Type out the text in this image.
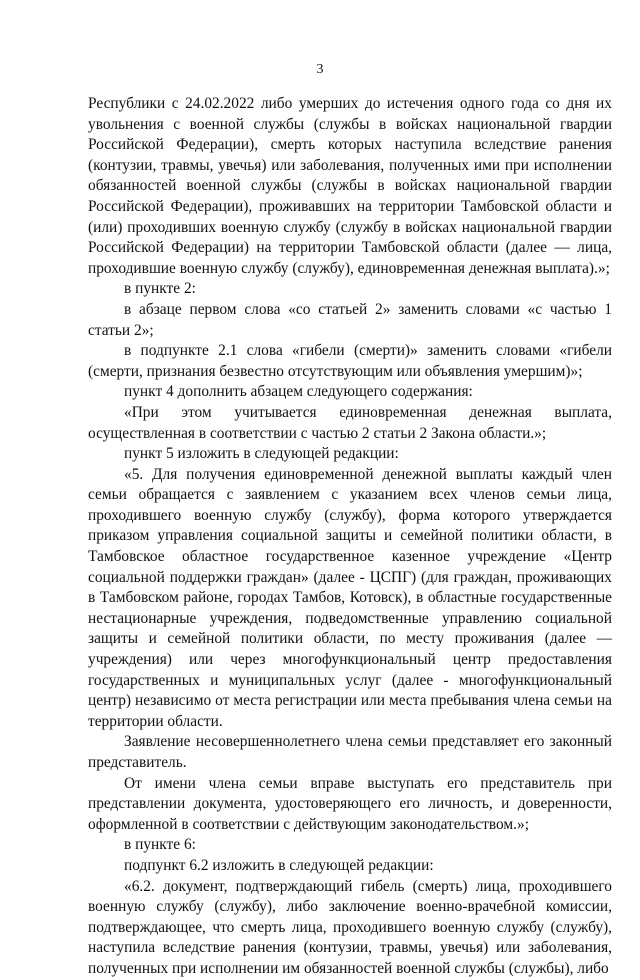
3

Республики с 24.02.2022 либо умерших до истечения одного года со дня их увольнения с военной службы (службы в войсках национальной гвардии Российской Федерации), смерть которых наступила вследствие ранения (контузии, травмы, увечья) или заболевания, полученных ими при исполнении обязанностей военной службы (службы в войсках национальной гвардии Российской Федерации), проживавших на территории Тамбовской области и (или) проходивших военную службу (службу в войсках национальной гвардии Российской Федерации) на территории Тамбовской области (далее — лица, проходившие военную службу (службу), единовременная денежная выплата).»;

в пункте 2:

в абзаце первом слова «со статьей 2» заменить словами «с частью 1 статьи 2»;

в подпункте 2.1 слова «гибели (смерти)» заменить словами «гибели (смерти, признания безвестно отсутствующим или объявления умершим)»;

пункт 4 дополнить абзацем следующего содержания:

«При этом учитывается единовременная денежная выплата, осуществленная в соответствии с частью 2 статьи 2 Закона области.»;

пункт 5 изложить в следующей редакции:

«5. Для получения единовременной денежной выплаты каждый член семьи обращается с заявлением с указанием всех членов семьи лица, проходившего военную службу (службу), форма которого утверждается приказом управления социальной защиты и семейной политики области, в Тамбовское областное государственное казенное учреждение «Центр социальной поддержки граждан» (далее - ЦСПГ) (для граждан, проживающих в Тамбовском районе, городах Тамбов, Котовск), в областные государственные нестационарные учреждения, подведомственные управлению социальной защиты и семейной политики области, по месту проживания (далее — учреждения) или через многофункциональный центр предоставления государственных и муниципальных услуг (далее - многофункциональный центр) независимо от места регистрации или места пребывания члена семьи на территории области.

Заявление несовершеннолетнего члена семьи представляет его законный представитель.

От имени члена семьи вправе выступать его представитель при представлении документа, удостоверяющего его личность, и доверенности, оформленной в соответствии с действующим законодательством.»;

в пункте 6:

подпункт 6.2 изложить в следующей редакции:

«6.2. документ, подтверждающий гибель (смерть) лица, проходившего военную службу (службу), либо заключение военно-врачебной комиссии, подтверждающее, что смерть лица, проходившего военную службу (службу), наступила вследствие ранения (контузии, травмы, увечья) или заболевания, полученных при исполнении им обязанностей военной службы (службы), либо
